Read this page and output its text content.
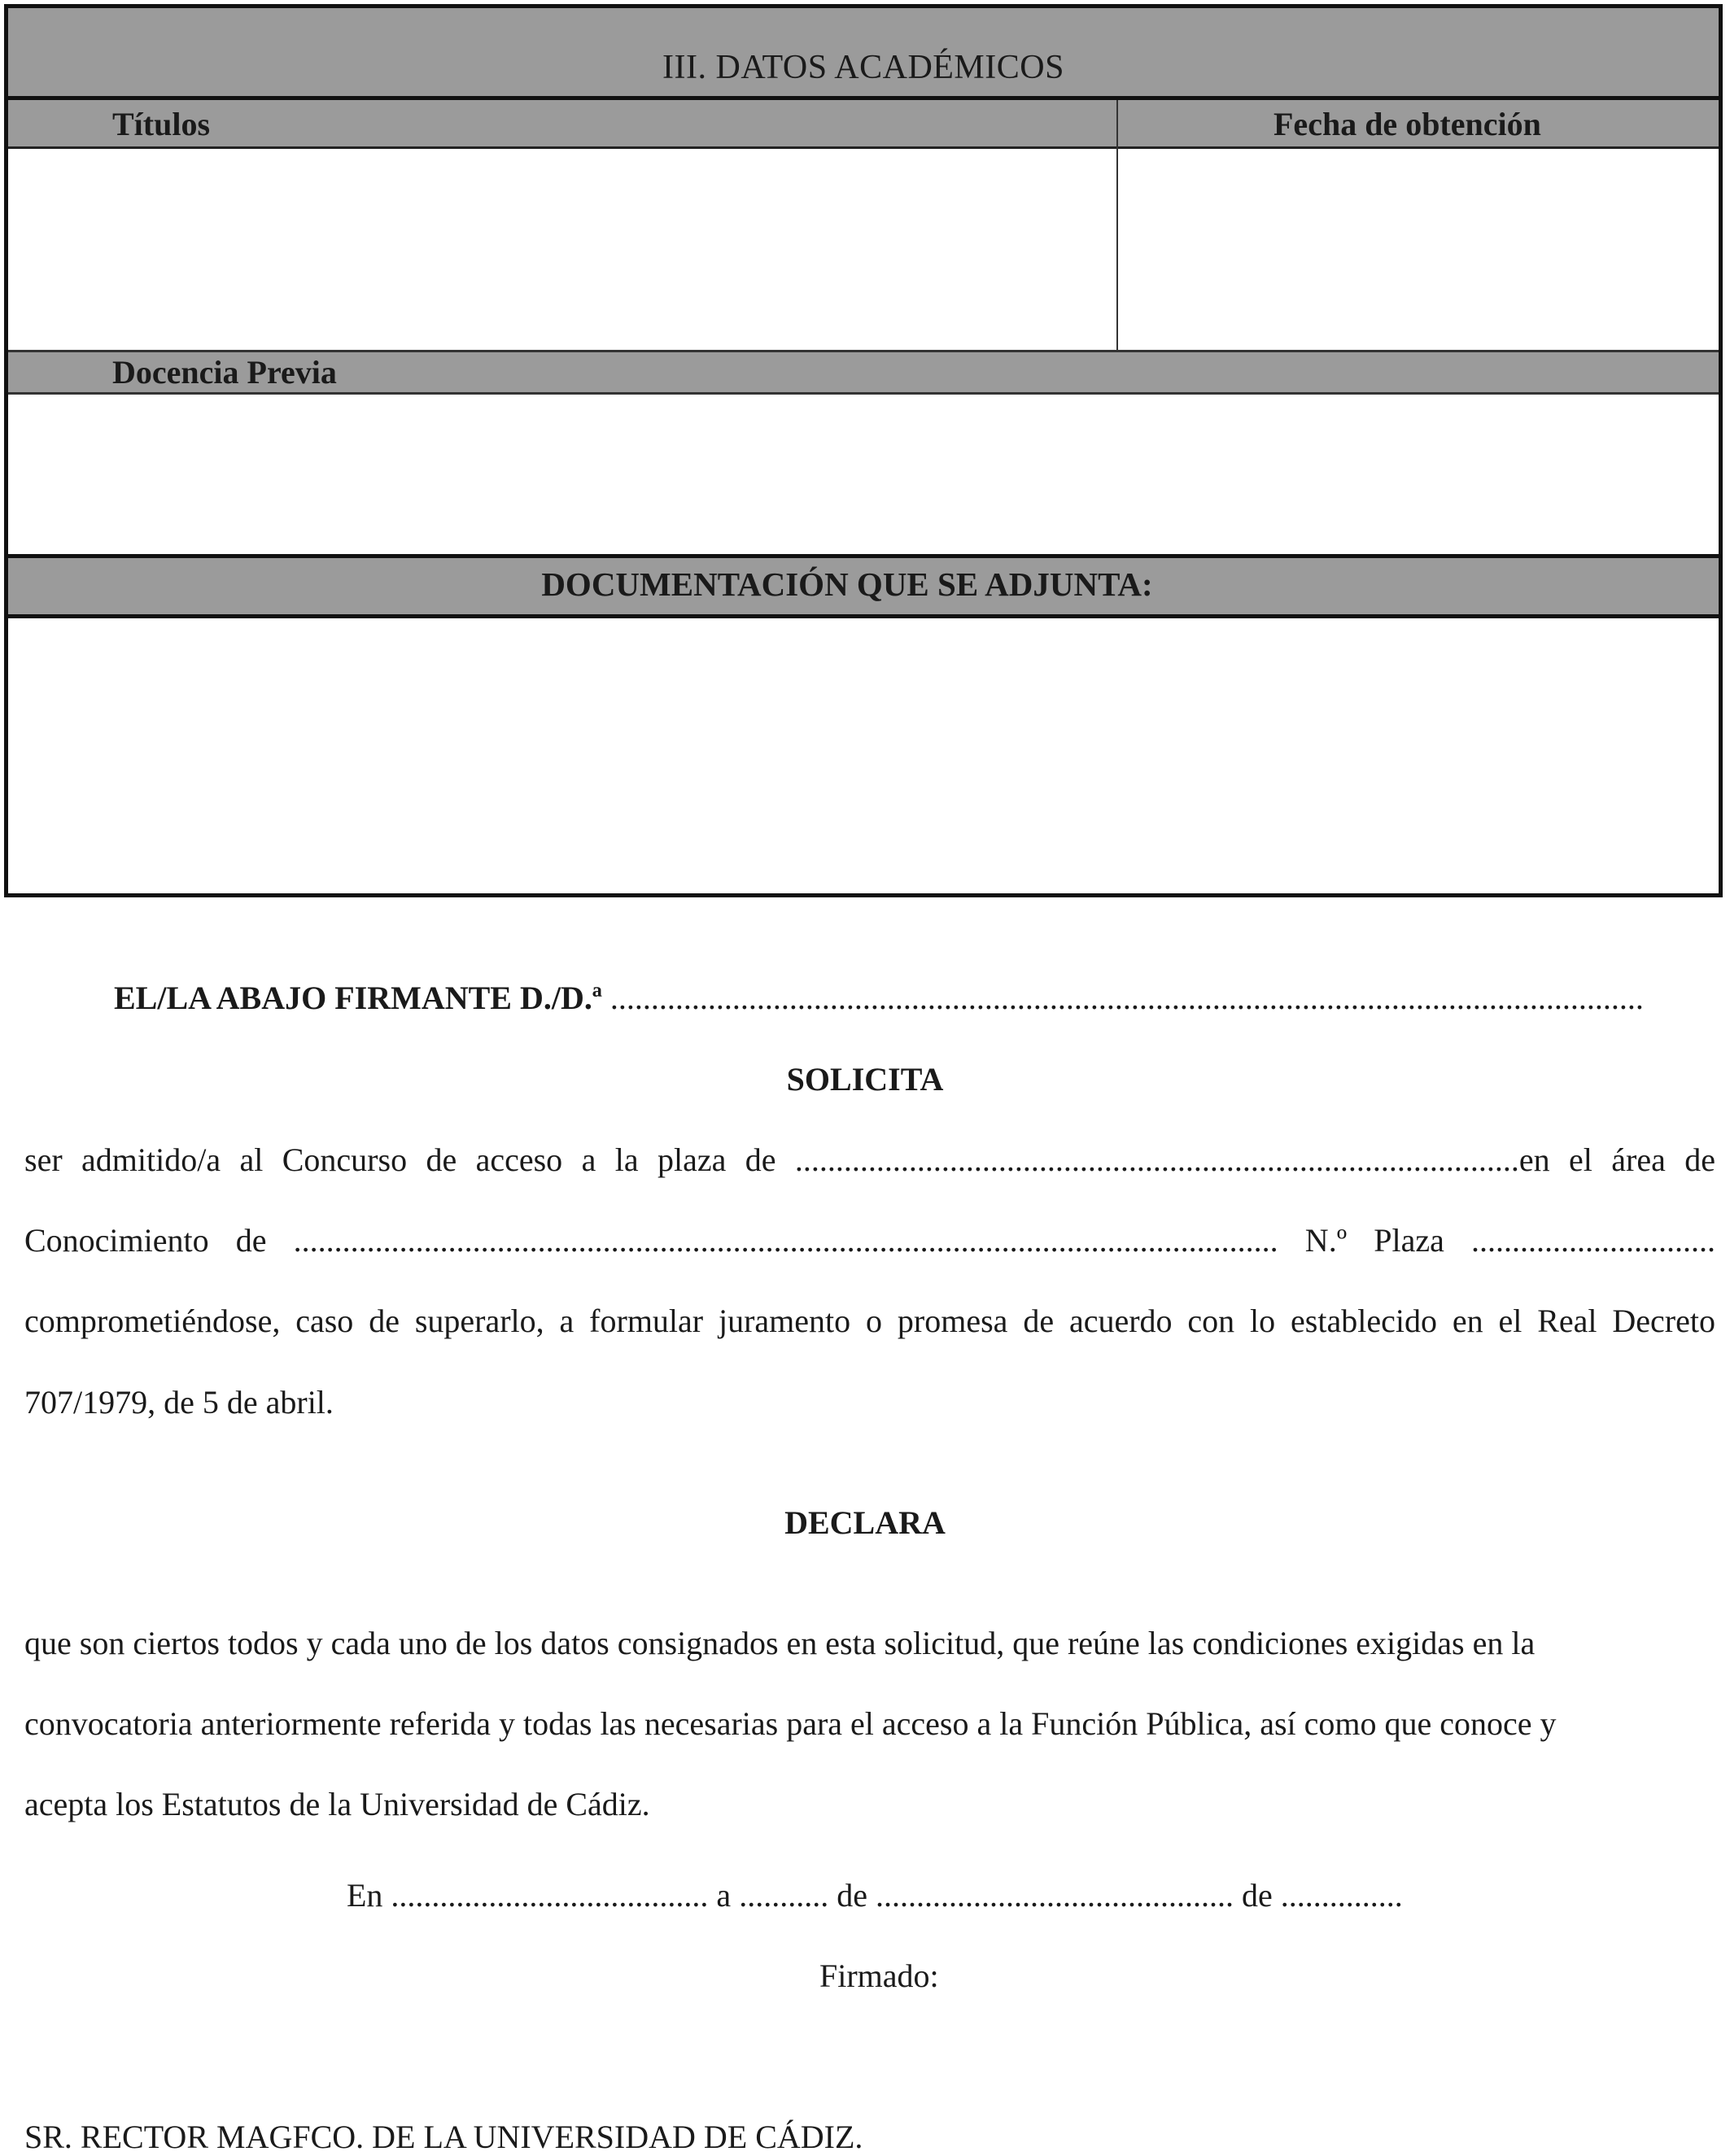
III. DATOS ACADÉMICOS
Títulos	Fecha de obtención
Docencia Previa
DOCUMENTACIÓN QUE SE ADJUNTA:
EL/LA ABAJO FIRMANTE D./D.ª ...............................................................................................................................
SOLICITA
ser admitido/a al Concurso de acceso a la plaza de .........................................................................................en el área de
Conocimiento de ......................................................................................................................... N.º Plaza ..............................
comprometiéndose, caso de superarlo, a formular juramento o promesa de acuerdo con lo establecido en el Real Decreto
707/1979, de 5 de abril.
DECLARA
que son ciertos todos y cada uno de los datos consignados en esta solicitud, que reúne las condiciones exigidas en la
convocatoria anteriormente referida y todas las necesarias para el acceso a la Función Pública, así como que conoce y
acepta los Estatutos de la Universidad de Cádiz.
En ....................................... a ........... de ............................................ de ...............
Firmado:
SR. RECTOR MAGFCO. DE LA UNIVERSIDAD DE CÁDIZ.
